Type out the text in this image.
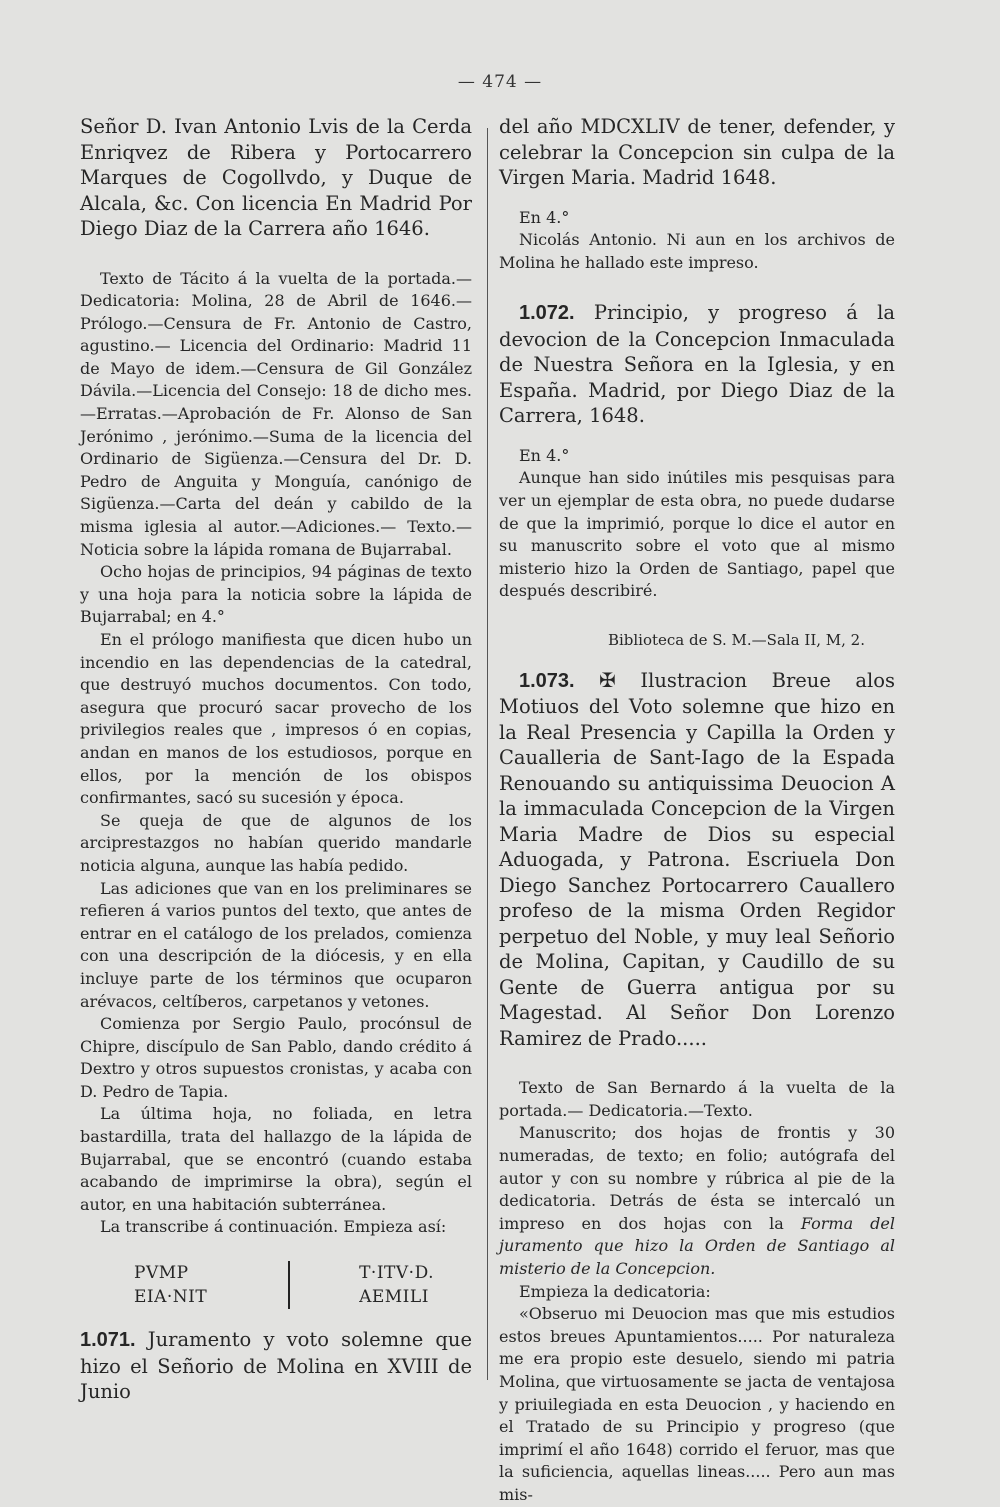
— 474 —

Señor D. Ivan Antonio Lvis de la Cerda Enriqvez de Ribera y Portocarrero Marques de Cogollvdo, y Duque de Alcala, &c. Con licencia En Madrid Por Diego Diaz de la Carrera año 1646.

Texto de Tácito á la vuelta de la portada.—Dedicatoria: Molina, 28 de Abril de 1646.—Prólogo.—Censura de Fr. Antonio de Castro, agustino.— Licencia del Ordinario: Madrid 11 de Mayo de idem.—Censura de Gil González Dávila.—Licencia del Consejo: 18 de dicho mes.—Erratas.—Aprobación de Fr. Alonso de San Jerónimo , jerónimo.—Suma de la licencia del Ordinario de Sigüenza.—Censura del Dr. D. Pedro de Anguita y Monguía, canónigo de Sigüenza.—Carta del deán y cabildo de la misma iglesia al autor.—Adiciones.— Texto.— Noticia sobre la lápida romana de Bujarrabal.

Ocho hojas de principios, 94 páginas de texto y una hoja para la noticia sobre la lápida de Bujarrabal; en 4.°

En el prólogo manifiesta que dicen hubo un incendio en las dependencias de la catedral, que destruyó muchos documentos. Con todo, asegura que procuró sacar provecho de los privilegios reales que , impresos ó en copias, andan en manos de los estudiosos, porque en ellos, por la mención de los obispos confirmantes, sacó su sucesión y época.

Se queja de que de algunos de los arciprestazgos no habían querido mandarle noticia alguna, aunque las había pedido.

Las adiciones que van en los preliminares se refieren á varios puntos del texto, que antes de entrar en el catálogo de los prelados, comienza con una descripción de la diócesis, y en ella incluye parte de los términos que ocuparon arévacos, celtíberos, carpetanos y vetones.

Comienza por Sergio Paulo, procónsul de Chipre, discípulo de San Pablo, dando crédito á Dextro y otros supuestos cronistas, y acaba con D. Pedro de Tapia.

La última hoja, no foliada, en letra bastardilla, trata del hallazgo de la lápida de Bujarrabal, que se encontró (cuando estaba acabando de imprimirse la obra), según el autor, en una habitación subterránea.

La transcribe á continuación. Empieza así:

PVMP
EIA·NIT
T·ITV·D.
AEMILI

1.071. Juramento y voto solemne que hizo el Señorio de Molina en XVIII de Junio

del año MDCXLIV de tener, defender, y celebrar la Concepcion sin culpa de la Virgen Maria. Madrid 1648.

En 4.°

Nicolás Antonio. Ni aun en los archivos de Molina he hallado este impreso.

1.072. Principio, y progreso á la devocion de la Concepcion Inmaculada de Nuestra Señora en la Iglesia, y en España. Madrid, por Diego Diaz de la Carrera, 1648.

En 4.°

Aunque han sido inútiles mis pesquisas para ver un ejemplar de esta obra, no puede dudarse de que la imprimió, porque lo dice el autor en su manuscrito sobre el voto que al mismo misterio hizo la Orden de Santiago, papel que después describiré.

Biblioteca de S. M.—Sala II, M, 2.

1.073. ✠ Ilustracion Breue alos Motiuos del Voto solemne que hizo en la Real Presencia y Capilla la Orden y Caualleria de Sant-Iago de la Espada Renouando su antiquissima Deuocion A la immaculada Concepcion de la Virgen Maria Madre de Dios su especial Aduogada, y Patrona. Escriuela Don Diego Sanchez Portocarrero Cauallero profeso de la misma Orden Regidor perpetuo del Noble, y muy leal Señorio de Molina, Capitan, y Caudillo de su Gente de Guerra antigua por su Magestad. Al Señor Don Lorenzo Ramirez de Prado.....

Texto de San Bernardo á la vuelta de la portada.— Dedicatoria.—Texto.

Manuscrito; dos hojas de frontis y 30 numeradas, de texto; en folio; autógrafa del autor y con su nombre y rúbrica al pie de la dedicatoria. Detrás de ésta se intercaló un impreso en dos hojas con la Forma del juramento que hizo la Orden de Santiago al misterio de la Concepcion.

Empieza la dedicatoria:

«Obseruo mi Deuocion mas que mis estudios estos breues Apuntamientos..... Por naturaleza me era propio este desuelo, siendo mi patria Molina, que virtuosamente se jacta de ventajosa y priuilegiada en esta Deuocion , y haciendo en el Tratado de su Principio y progreso (que imprimí el año 1648) corrido el feruor, mas que la suficiencia, aquellas lineas..... Pero aun mas mis-
